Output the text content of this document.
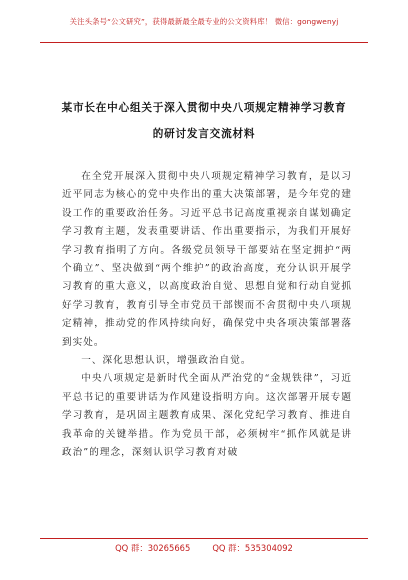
关注头条号“公文研究”，获得最新最全最专业的公文资料库！ 微信：gongwenyj
某市长在中心组关于深入贯彻中央八项规定精神学习教育
的研讨发言交流材料

在全党开展深入贯彻中央八项规定精神学习教育，是以习近平同志为核心的党中央作出的重大决策部署，是今年党的建设工作的重要政治任务。习近平总书记高度重视亲自谋划确定学习教育主题，发表重要讲话、作出重要指示，为我们开展好学习教育指明了方向。各级党员领导干部要站在坚定拥护“两个确立”、坚决做到“两个维护”的政治高度，充分认识开展学习教育的重大意义，以高度政治自觉、思想自觉和行动自觉抓好学习教育，教育引导全市党员干部锲而不舍贯彻中央八项规定精神，推动党的作风持续向好，确保党中央各项决策部署落到实处。

一、深化思想认识，增强政治自觉。

中央八项规定是新时代全面从严治党的“金规铁律”，习近平总书记的重要讲话为作风建设指明方向。这次部署开展专题学习教育，是巩固主题教育成果、深化党纪学习教育、推进自我革命的关键举措。作为党员干部，必须树牢“抓作风就是讲政治”的理念，深刻认识学习教育对破

QQ 群：30265665	QQ 群：535304092
